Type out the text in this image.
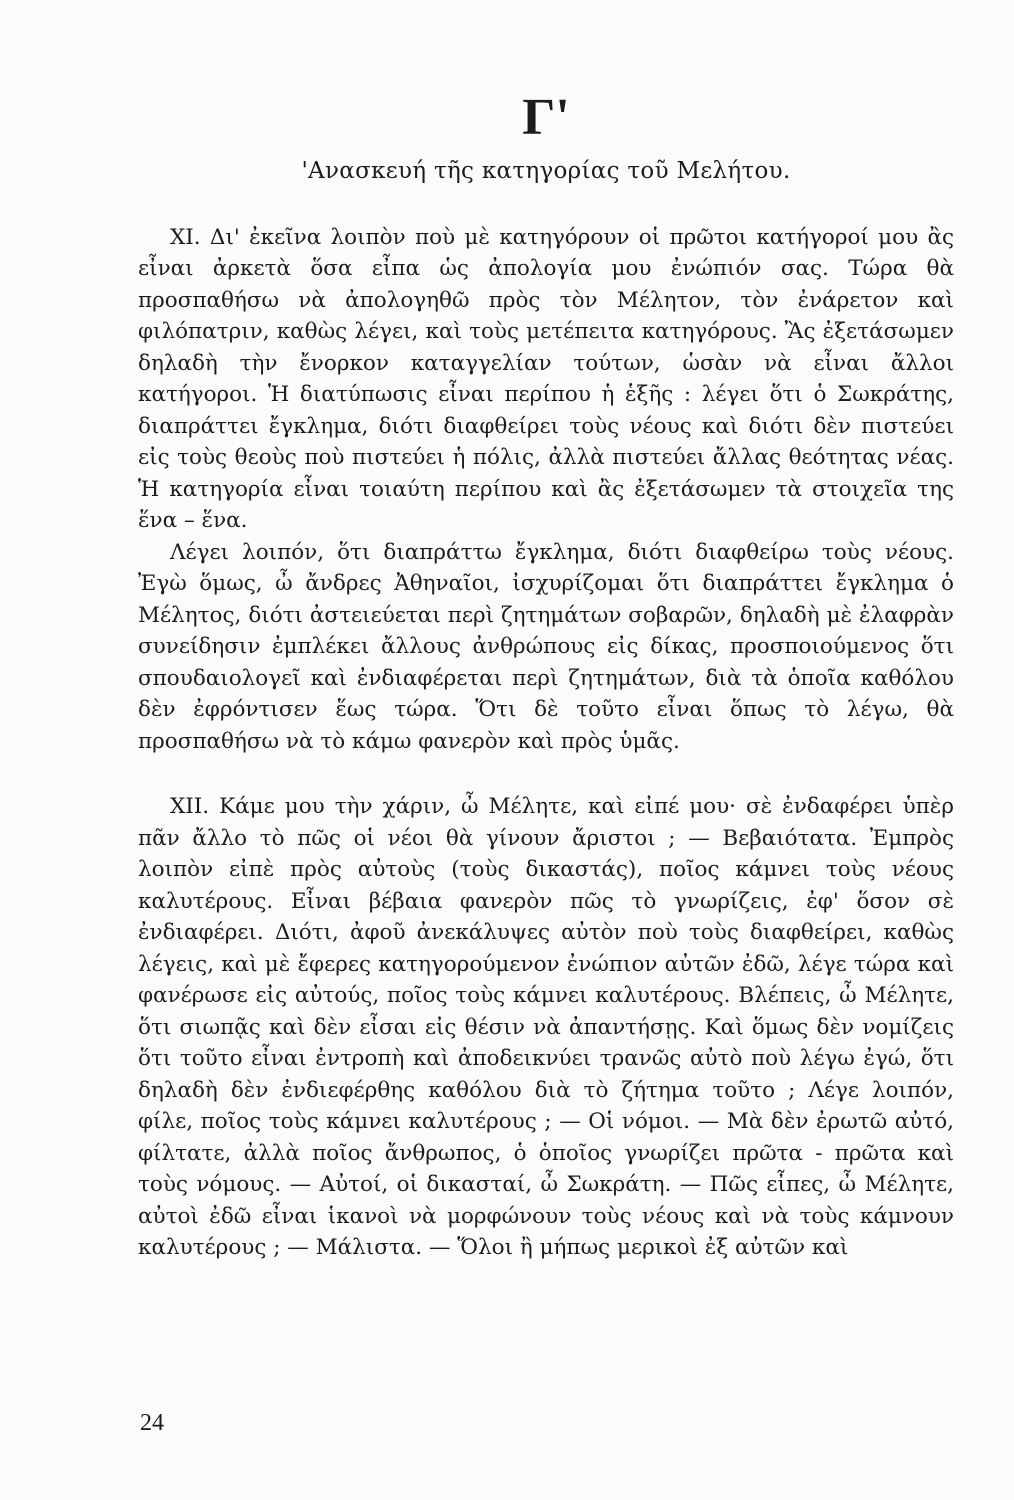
Γ'
'Ανασκευή τῆς κατηγορίας τοῦ Μελήτου.

XI. Δι' ἐκεῖνα λοιπὸν ποὺ μὲ κατηγόρουν οἱ πρῶτοι κατήγοροί μου ἂς εἶναι ἀρκετὰ ὅσα εἶπα ὡς ἀπολογία μου ἐνώπιόν σας. Τώρα θὰ προσπαθήσω νὰ ἀπολογηθῶ πρὸς τὸν Μέλητον, τὸν ἐνάρετον καὶ φιλόπατριν, καθὼς λέγει, καὶ τοὺς μετέπειτα κατηγόρους. Ἂς ἐξετάσωμεν δηλαδὴ τὴν ἔνορκον καταγγελίαν τούτων, ὡσὰν νὰ εἶναι ἄλλοι κατήγοροι. Ἡ διατύπωσις εἶναι περίπου ἡ ἑξῆς : λέγει ὅτι ὁ Σωκράτης, διαπράττει ἔγκλημα, διότι διαφθείρει τοὺς νέους καὶ διότι δὲν πιστεύει εἰς τοὺς θεοὺς ποὺ πιστεύει ἡ πόλις, ἀλλὰ πιστεύει ἄλλας θεότητας νέας. Ἡ κατηγορία εἶναι τοιαύτη περίπου καὶ ἂς ἐξετάσωμεν τὰ στοιχεῖα της ἕνα – ἕνα.

Λέγει λοιπόν, ὅτι διαπράττω ἔγκλημα, διότι διαφθείρω τοὺς νέους. Ἐγὼ ὅμως, ὦ ἄνδρες Ἀθηναῖοι, ἰσχυρίζομαι ὅτι διαπράττει ἔγκλημα ὁ Μέλητος, διότι ἀστειεύεται περὶ ζητημάτων σοβαρῶν, δηλαδὴ μὲ ἐλαφρὰν συνείδησιν ἐμπλέκει ἄλλους ἀνθρώπους εἰς δίκας, προσποιούμενος ὅτι σπουδαιολογεῖ καὶ ἐνδιαφέρεται περὶ ζητημάτων, διὰ τὰ ὁποῖα καθόλου δὲν ἐφρόντισεν ἕως τώρα. Ὅτι δὲ τοῦτο εἶναι ὅπως τὸ λέγω, θὰ προσπαθήσω νὰ τὸ κάμω φανερὸν καὶ πρὸς ὑμᾶς.

XII. Κάμε μου τὴν χάριν, ὦ Μέλητε, καὶ εἰπέ μου· σὲ ἐνδαφέρει ὑπὲρ πᾶν ἄλλο τὸ πῶς οἱ νέοι θὰ γίνουν ἄριστοι ; — Βεβαιότατα. Ἐμπρὸς λοιπὸν εἰπὲ πρὸς αὐτοὺς (τοὺς δικαστάς), ποῖος κάμνει τοὺς νέους καλυτέρους. Εἶναι βέβαια φανερὸν πῶς τὸ γνωρίζεις, ἐφ' ὅσον σὲ ἐνδιαφέρει. Διότι, ἀφοῦ ἀνεκάλυψες αὐτὸν ποὺ τοὺς διαφθείρει, καθὼς λέγεις, καὶ μὲ ἔφερες κατηγορούμενον ἐνώπιον αὐτῶν ἐδῶ, λέγε τώρα καὶ φανέρωσε εἰς αὐτούς, ποῖος τοὺς κάμνει καλυτέρους. Βλέπεις, ὦ Μέλητε, ὅτι σιωπᾷς καὶ δὲν εἶσαι εἰς θέσιν νὰ ἀπαντήσῃς. Καὶ ὅμως δὲν νομίζεις ὅτι τοῦτο εἶναι ἐντροπὴ καὶ ἀποδεικνύει τρανῶς αὐτὸ ποὺ λέγω ἐγώ, ὅτι δηλαδὴ δὲν ἐνδιεφέρθης καθόλου διὰ τὸ ζήτημα τοῦτο ; Λέγε λοιπόν, φίλε, ποῖος τοὺς κάμνει καλυτέρους ; — Οἱ νόμοι. — Μὰ δὲν ἐρωτῶ αὐτό, φίλτατε, ἀλλὰ ποῖος ἄνθρωπος, ὁ ὁποῖος γνωρίζει πρῶτα - πρῶτα καὶ τοὺς νόμους. — Αὐτοί, οἱ δικασταί, ὦ Σωκράτη. — Πῶς εἶπες, ὦ Μέλητε, αὐτοὶ ἐδῶ εἶναι ἱκανοὶ νὰ μορφώνουν τοὺς νέους καὶ νὰ τοὺς κάμνουν καλυτέρους ; — Μάλιστα. — Ὅλοι ἢ μήπως μερικοὶ ἐξ αὐτῶν καὶ

24
